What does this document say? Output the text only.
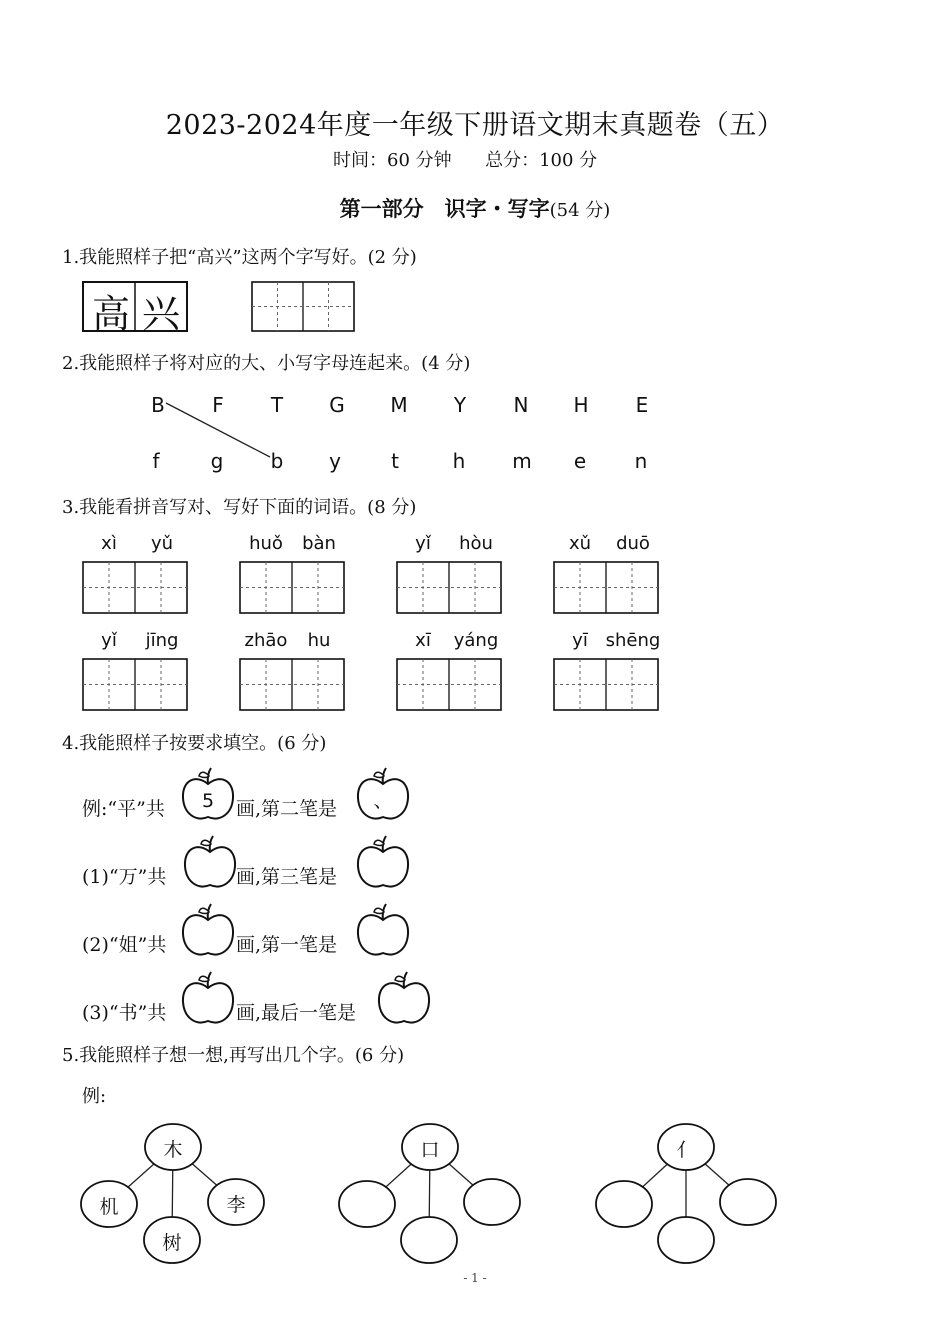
2023-2024年度一年级下册语文期末真题卷（五）
时间：60 分钟 总分：100 分
第一部分　识字・写字(54 分)
1.我能照样子把“高兴”这两个字写好。(2 分)
高 兴
2.我能照样子将对应的大、小写字母连起来。(4 分)
B	F	T	G	M	Y	N	H	E
f	g	b	y	t	h	m	e	n
3.我能看拼音写对、写好下面的词语。(8 分)
xì	yǔ	huǒ	bàn	yǐ	hòu	xǔ	duō
yǐ	jīng	zhāo	hu	xī	yáng	yī shēng
4.我能照样子按要求填空。(6 分)
例:“平”共	5	画,第二笔是 、
(1)“万”共	画,第三笔是
(2)“姐”共	画,第一笔是
(3)“书”共	画,最后一笔是
5.我能照样子想一想,再写出几个字。(6 分)
例:
木
机	李
树
口	亻
- 1 -
